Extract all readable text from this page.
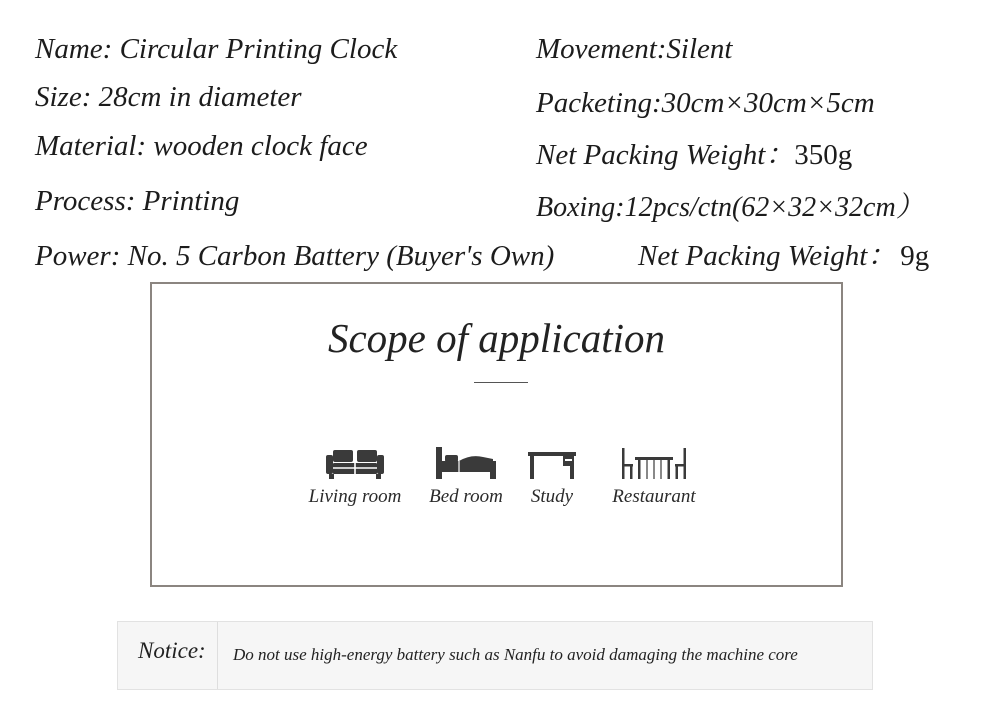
Name: Circular Printing Clock
Size: 28cm in diameter
Material: wooden clock face
Process: Printing
Power: No. 5 Carbon Battery (Buyer's Own)
Movement:Silent
Packeting:30cm×30cm×5cm
Net Packing Weight：350g
Boxing:12pcs/ctn(62×32×32cm）
Net Packing Weight： 9g
Scope of application
Living room	Bed room	Study	Restaurant
Notice: Do not use high-energy battery such as Nanfu to avoid damaging the machine core
